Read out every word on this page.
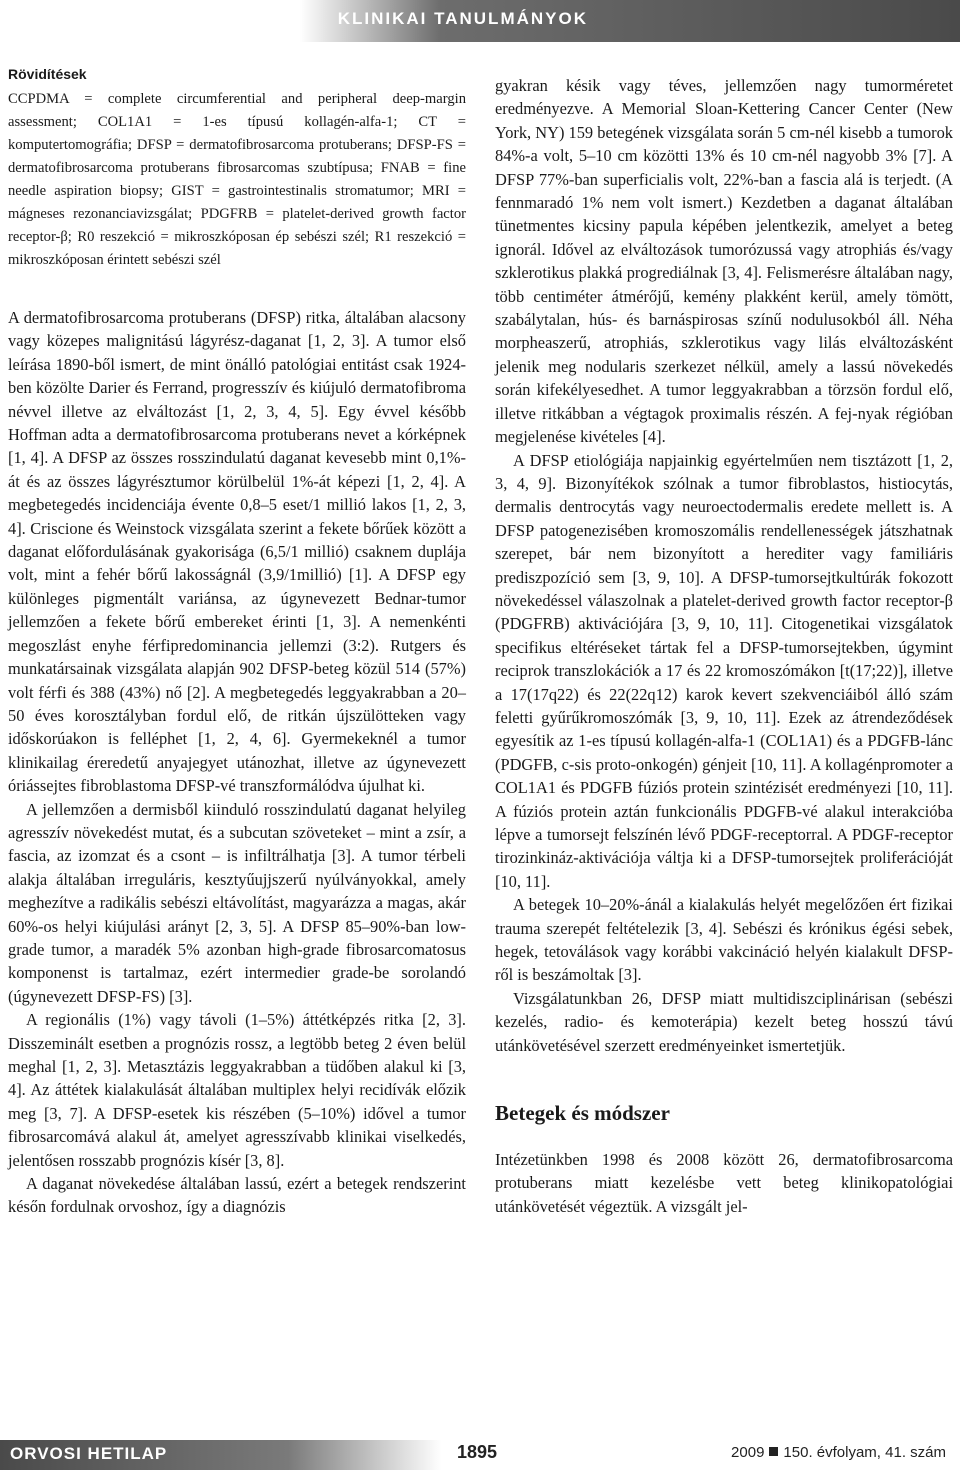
KLINIKAI TANULMÁNYOK
Rövidítések

CCPDMA = complete circumferential and peripheral deep-margin assessment; COL1A1 = 1-es típusú kollagén-alfa-1; CT = komputertomográfia; DFSP = dermatofibrosarcoma protuberans; DFSP-FS = dermatofibrosarcoma protuberans fibrosarcomas szubtípusa; FNAB = fine needle aspiration biopsy; GIST = gastrointestinalis stromatumor; MRI = mágneses rezonanciavizsgálat; PDGFRB = platelet-derived growth factor receptor-β; R0 reszekció = mikroszkóposan ép sebészi szél; R1 reszekció = mikroszkóposan érintett sebészi szél

A dermatofibrosarcoma protuberans (DFSP) ritka, általában alacsony vagy közepes malignitású lágyrész-daganat [1, 2, 3]. A tumor első leírása 1890-ből ismert, de mint önálló patológiai entitást csak 1924-ben közölte Darier és Ferrand, progresszív és kiújuló dermatofibroma névvel illetve az elváltozást [1, 2, 3, 4, 5]. Egy évvel később Hoffman adta a dermatofibrosarcoma protuberans nevet a kórképnek [1, 4]. A DFSP az összes rosszindulatú daganat kevesebb mint 0,1%-át és az összes lágyrésztumor körülbelül 1%-át képezi [1, 2, 4]. A megbetegedés incidenciája évente 0,8–5 eset/1 millió lakos [1, 2, 3, 4]. Criscione és Weinstock vizsgálata szerint a fekete bőrűek között a daganat előfordulásának gyakorisága (6,5/1 millió) csaknem duplája volt, mint a fehér bőrű lakosságnál (3,9/1millió) [1]. A DFSP egy különleges pigmentált variánsa, az úgynevezett Bednar-tumor jellemzően a fekete bőrű embereket érinti [1, 3]. A nemenkénti megoszlást enyhe férfipredominancia jellemzi (3:2). Rutgers és munkatársainak vizsgálata alapján 902 DFSP-beteg közül 514 (57%) volt férfi és 388 (43%) nő [2]. A megbetegedés leggyakrabban a 20–50 éves korosztályban fordul elő, de ritkán újszülötteken vagy időskorúakon is felléphet [1, 2, 4, 6]. Gyermekeknél a tumor klinikailag éreredetű anyajegyet utánozhat, illetve az úgynevezett óriássejtes fibroblastoma DFSP-vé transzformálódva újulhat ki.

A jellemzően a dermisből kiinduló rosszindulatú daganat helyileg agresszív növekedést mutat, és a subcutan szöveteket – mint a zsír, a fascia, az izomzat és a csont – is infiltrálhatja [3]. A tumor térbeli alakja általában irreguláris, kesztyűujjszerű nyúlványokkal, amely meghezítve a radikális sebészi eltávolítást, magyarázza a magas, akár 60%-os helyi kiújulási arányt [2, 3, 5]. A DFSP 85–90%-ban low-grade tumor, a maradék 5% azonban high-grade fibrosarcomatosus komponenst is tartalmaz, ezért intermedier grade-be sorolandó (úgynevezett DFSP-FS) [3].

A regionális (1%) vagy távoli (1–5%) áttétképzés ritka [2, 3]. Disszeminált esetben a prognózis rossz, a legtöbb beteg 2 éven belül meghal [1, 2, 3]. Metasztázis leggyakrabban a tüdőben alakul ki [3, 4]. Az áttétek kialakulását általában multiplex helyi recidívák előzik meg [3, 7]. A DFSP-esetek kis részében (5–10%) idővel a tumor fibrosarcomává alakul át, amelyet agresszívabb klinikai viselkedés, jelentősen rosszabb prognózis kísér [3, 8].

A daganat növekedése általában lassú, ezért a betegek rendszerint későn fordulnak orvoshoz, így a diagnózis

gyakran késik vagy téves, jellemzően nagy tumorméretet eredményezve. A Memorial Sloan-Kettering Cancer Center (New York, NY) 159 betegének vizsgálata során 5 cm-nél kisebb a tumorok 84%-a volt, 5–10 cm közötti 13% és 10 cm-nél nagyobb 3% [7]. A DFSP 77%-ban superficialis volt, 22%-ban a fascia alá is terjedt. (A fennmaradó 1% nem volt ismert.) Kezdetben a daganat általában tünetmentes kicsiny papula képében jelentkezik, amelyet a beteg ignorál. Idővel az elváltozások tumorózussá vagy atrophiás és/vagy szklerotikus plakká progrediálnak [3, 4]. Felismerésre általában nagy, több centiméter átmérőjű, kemény plakként kerül, amely tömött, szabálytalan, hús- és barnáspirosas színű nodulusokból áll. Néha morpheaszerű, atrophiás, szklerotikus vagy lilás elváltozásként jelenik meg nodularis szerkezet nélkül, amely a lassú növekedés során kifekélyesedhet. A tumor leggyakrabban a törzsön fordul elő, illetve ritkábban a végtagok proximalis részén. A fej-nyak régióban megjelenése kivételes [4].

A DFSP etiológiája napjainkig egyértelműen nem tisztázott [1, 2, 3, 4, 9]. Bizonyítékok szólnak a tumor fibroblastos, histiocytás, dermalis dentrocytás vagy neuroectodermalis eredete mellett is. A DFSP patogenezisében kromoszomális rendellenességek játszhatnak szerepet, bár nem bizonyított a herediter vagy familiáris prediszpozíció sem [3, 9, 10]. A DFSP-tumorsejtkultúrák fokozott növekedéssel válaszolnak a platelet-derived growth factor receptor-β (PDGFRB) aktivációjára [3, 9, 10, 11]. Citogenetikai vizsgálatok specifikus eltéréseket tártak fel a DFSP-tumorsejtekben, úgymint reciprok transzlokációk a 17 és 22 kromoszómákon [t(17;22)], illetve a 17(17q22) és 22(22q12) karok kevert szekvenciáiból álló szám feletti gyűrűkromoszómák [3, 9, 10, 11]. Ezek az átrendeződések egyesítik az 1-es típusú kollagén-alfa-1 (COL1A1) és a PDGFB-lánc (PDGFB, c-sis proto-onkogén) génjeit [10, 11]. A kollagénpromoter a COL1A1 és PDGFB fúziós protein szintézisét eredményezi [10, 11]. A fúziós protein aztán funkcionális PDGFB-vé alakul interakcióba lépve a tumorsejt felszínén lévő PDGF-receptorral. A PDGF-receptor tirozinkináz-aktivációja váltja ki a DFSP-tumorsejtek proliferációját [10, 11].

A betegek 10–20%-ánál a kialakulás helyét megelőzően ért fizikai trauma szerepét feltételezik [3, 4]. Sebészi és krónikus égési sebek, hegek, tetoválások vagy korábbi vakcináció helyén kialakult DFSP-ről is beszámoltak [3].

Vizsgálatunkban 26, DFSP miatt multidiszciplinárisan (sebészi kezelés, radio- és kemoterápia) kezelt beteg hosszú távú utánkövetésével szerzett eredményeinket ismertetjük.

Betegek és módszer

Intézetünkben 1998 és 2008 között 26, dermatofibrosarcoma protuberans miatt kezelésbe vett beteg klinikopatológiai utánkövetését végeztük. A vizsgált jel-

ORVOSI HETILAP	1895	2009 150. évfolyam, 41. szám
